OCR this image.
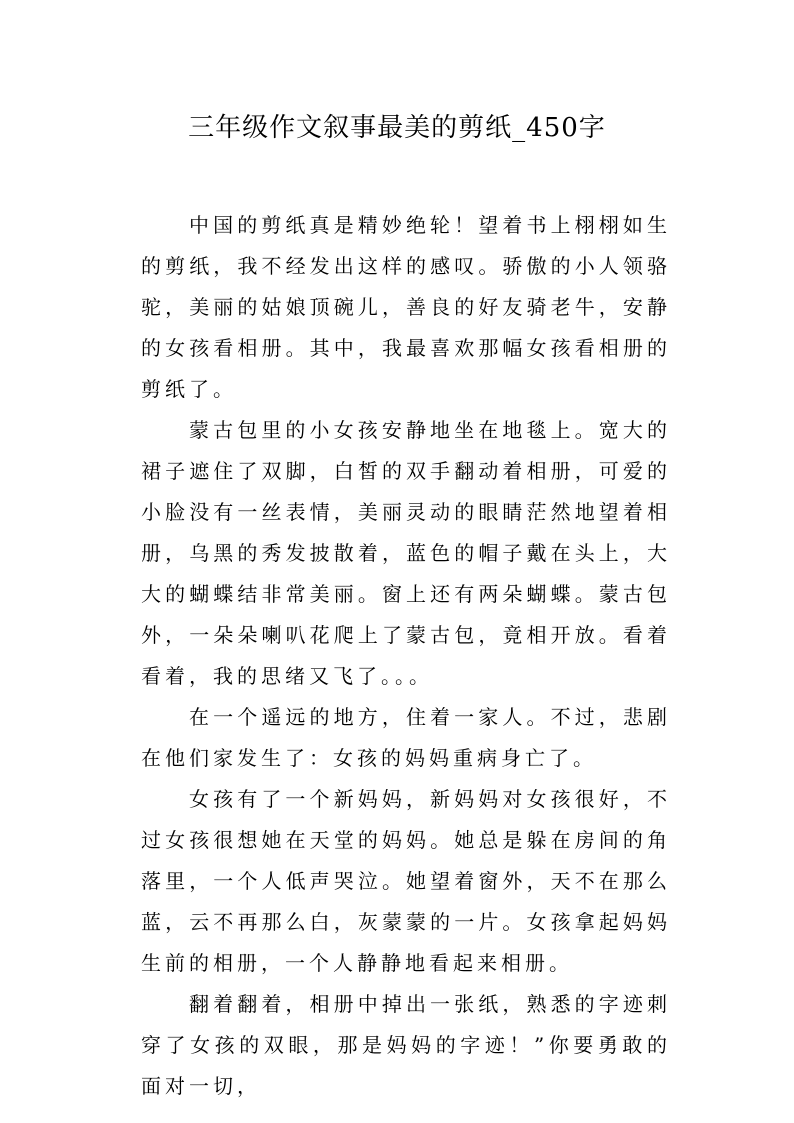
三年级作文叙事最美的剪纸_450字

中国的剪纸真是精妙绝轮！望着书上栩栩如生的剪纸，我不经发出这样的感叹。骄傲的小人领骆驼，美丽的姑娘顶碗儿，善良的好友骑老牛，安静的女孩看相册。其中，我最喜欢那幅女孩看相册的剪纸了。

蒙古包里的小女孩安静地坐在地毯上。宽大的裙子遮住了双脚，白皙的双手翻动着相册，可爱的小脸没有一丝表情，美丽灵动的眼睛茫然地望着相册，乌黑的秀发披散着，蓝色的帽子戴在头上，大大的蝴蝶结非常美丽。窗上还有两朵蝴蝶。蒙古包外，一朵朵喇叭花爬上了蒙古包，竟相开放。看着看着，我的思绪又飞了。。。

在一个遥远的地方，住着一家人。不过，悲剧在他们家发生了：女孩的妈妈重病身亡了。

女孩有了一个新妈妈，新妈妈对女孩很好，不过女孩很想她在天堂的妈妈。她总是躲在房间的角落里，一个人低声哭泣。她望着窗外，天不在那么蓝，云不再那么白，灰蒙蒙的一片。女孩拿起妈妈生前的相册，一个人静静地看起来相册。

翻着翻着，相册中掉出一张纸，熟悉的字迹刺穿了女孩的双眼，那是妈妈的字迹！”你要勇敢的面对一切，
